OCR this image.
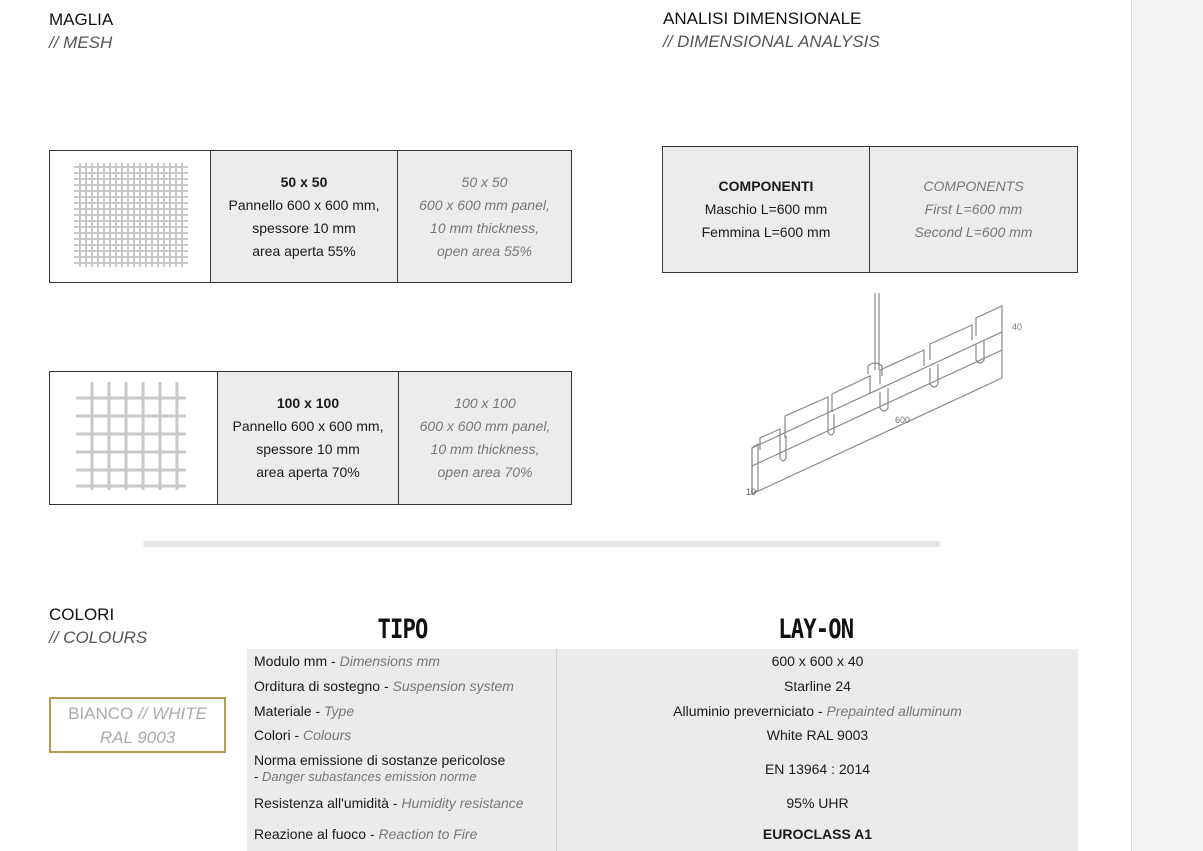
MAGLIA
// MESH

50 x 50
Pannello 600 x 600 mm,
spessore 10 mm
area aperta 55%

50 x 50
600 x 600 mm panel,
10 mm thickness,
open area 55%

100 x 100
Pannello 600 x 600 mm,
spessore 10 mm
area aperta 70%

100 x 100
600 x 600 mm panel,
10 mm thickness,
open area 70%
ANALISI DIMENSIONALE
// DIMENSIONAL ANALYSIS
COMPONENTI
Maschio L=600 mm
Femmina L=600 mm

COMPONENTS
First L=600 mm
Second L=600 mm
40
600
10
COLORI
// COLOURS
BIANCO // WHITE
RAL 9003
TIPO	LAY-ON
Modulo mm - Dimensions mm	600 x 600 x 40
Orditura di sostegno - Suspension system	Starline 24
Materiale - Type	Alluminio preverniciato - Prepainted alluminum
Colori - Colours	White RAL 9003
Norma emissione di sostanze pericolose
- Danger subastances emission norme	EN 13964 : 2014
Resistenza all'umidità - Humidity resistance	95% UHR
Reazione al fuoco - Reaction to Fire	EUROCLASS A1
